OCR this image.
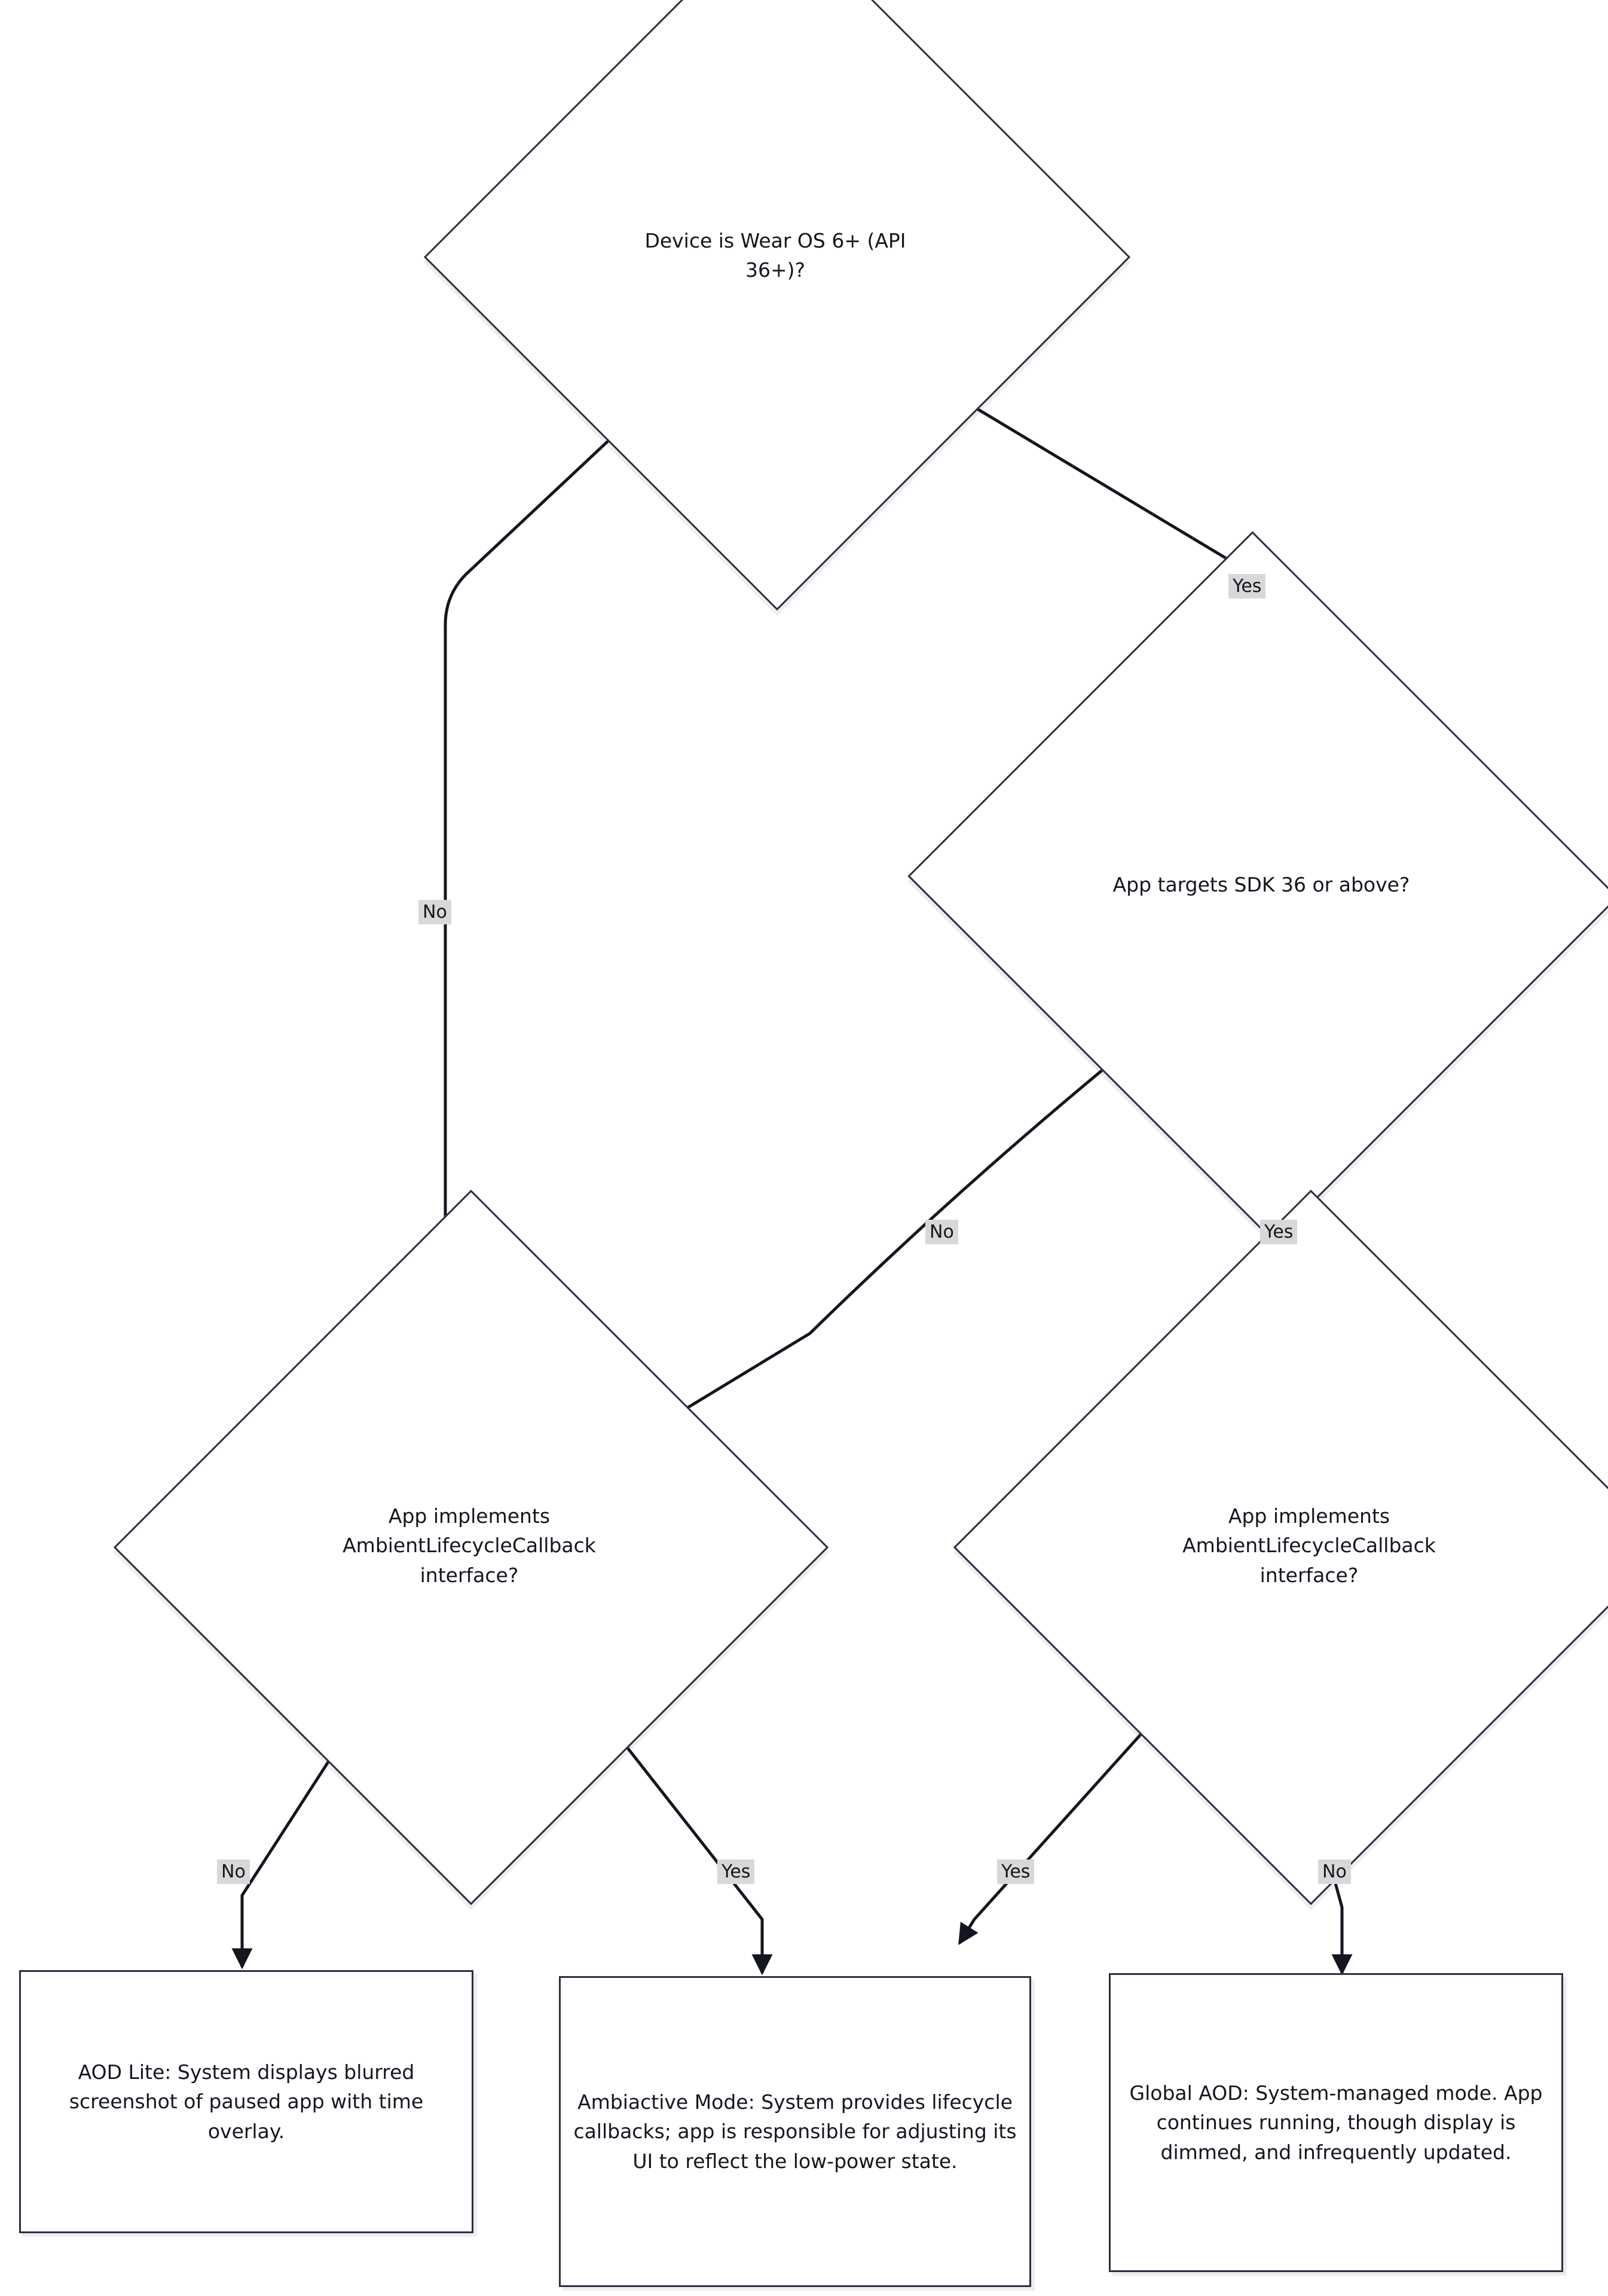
Device is Wear OS 6+ (API 36+)?
App targets SDK 36 or above?
App implements AmbientLifecycleCallback interface?
App implements AmbientLifecycleCallback interface?
AOD Lite: System displays blurred screenshot of paused app with time overlay.
Ambiactive Mode: System provides lifecycle callbacks; app is responsible for adjusting its UI to reflect the low-power state.
Global AOD: System-managed mode. App continues running, though display is dimmed, and infrequently updated.
No
Yes
No	Yes
No	Yes	Yes	No
